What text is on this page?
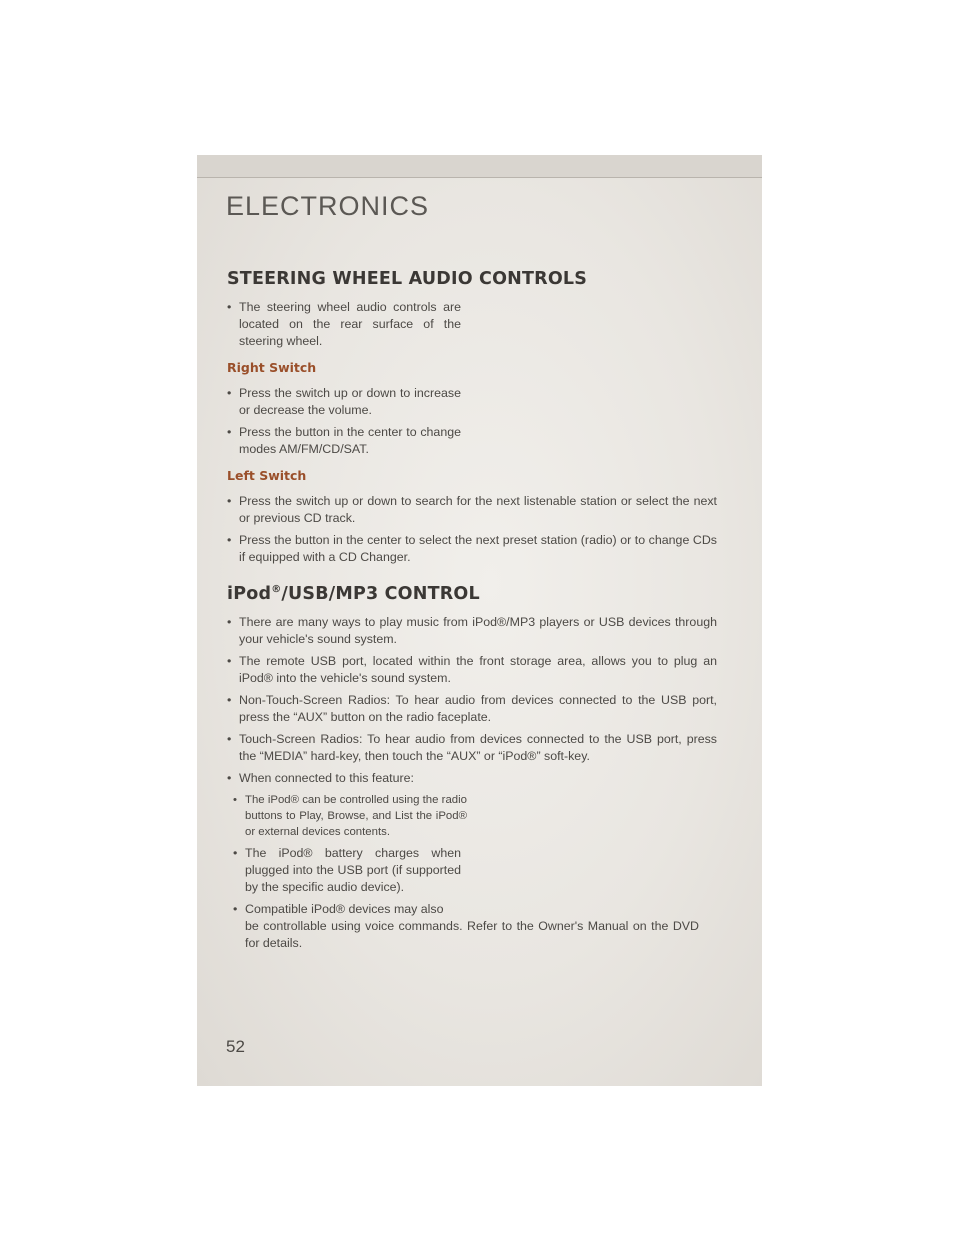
ELECTRONICS
STEERING WHEEL AUDIO CONTROLS
• The steering wheel audio controls are located on the rear surface of the steering wheel.
Right Switch
• Press the switch up or down to increase or decrease the volume.
• Press the button in the center to change modes AM/FM/CD/SAT.
Left Switch
• Press the switch up or down to search for the next listenable station or select the next or previous CD track.
• Press the button in the center to select the next preset station (radio) or to change CDs if equipped with a CD Changer.
iPod®/USB/MP3 CONTROL
• There are many ways to play music from iPod®/MP3 players or USB devices through your vehicle's sound system.
• The remote USB port, located within the front storage area, allows you to plug an iPod® into the vehicle's sound system.
• Non-Touch-Screen Radios: To hear audio from devices connected to the USB port, press the “AUX” button on the radio faceplate.
• Touch-Screen Radios: To hear audio from devices connected to the USB port, press the “MEDIA” hard-key, then touch the “AUX” or “iPod®” soft-key.
• When connected to this feature:
• The iPod® can be controlled using the radio buttons to Play, Browse, and List the iPod® or external devices contents.
• The iPod® battery charges when plugged into the USB port (if supported by the specific audio device).
• Compatible iPod® devices may also
be controllable using voice commands. Refer to the Owner's Manual on the DVD for details.
52
